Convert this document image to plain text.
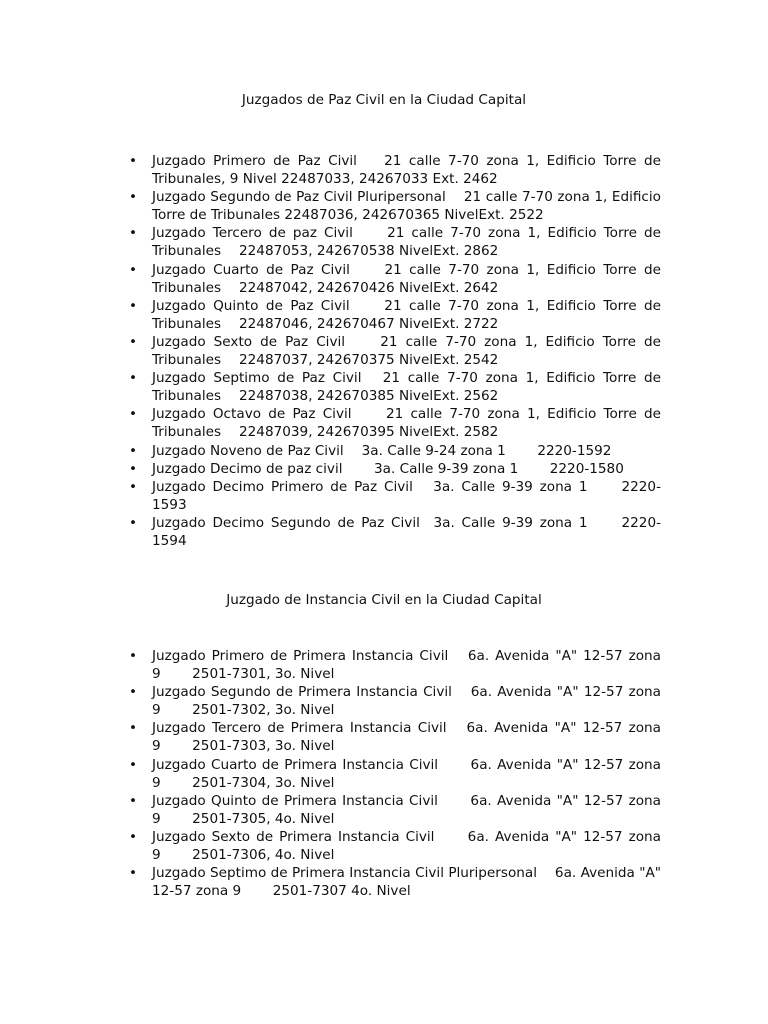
Juzgados de Paz Civil en la Ciudad Capital
• Juzgado Primero de Paz Civil  21 calle 7-70 zona 1, Edificio Torre de Tribunales, 9 Nivel 22487033, 24267033 Ext. 2462
• Juzgado Segundo de Paz Civil Pluripersonal  21 calle 7-70 zona 1, Edificio Torre de Tribunales 22487036, 242670365 NivelExt. 2522
• Juzgado Tercero de paz Civil   21 calle 7-70 zona 1, Edificio Torre de Tribunales  22487053, 242670538 NivelExt. 2862
• Juzgado Cuarto de Paz Civil   21 calle 7-70 zona 1, Edificio Torre de Tribunales  22487042, 242670426 NivelExt. 2642
• Juzgado Quinto de Paz Civil   21 calle 7-70 zona 1, Edificio Torre de Tribunales  22487046, 242670467 NivelExt. 2722
• Juzgado Sexto de Paz Civil   21 calle 7-70 zona 1, Edificio Torre de Tribunales  22487037, 242670375 NivelExt. 2542
• Juzgado Septimo de Paz Civil  21 calle 7-70 zona 1, Edificio Torre de Tribunales  22487038, 242670385 NivelExt. 2562
• Juzgado Octavo de Paz Civil   21 calle 7-70 zona 1, Edificio Torre de Tribunales  22487039, 242670395 NivelExt. 2582
• Juzgado Noveno de Paz Civil  3a. Calle 9-24 zona 1   2220-1592
• Juzgado Decimo de paz civil   3a. Calle 9-39 zona 1   2220-1580
• Juzgado Decimo Primero de Paz Civil  3a. Calle 9-39 zona 1   2220-1593
• Juzgado Decimo Segundo de Paz Civil  3a. Calle 9-39 zona 1   2220-1594
Juzgado de Instancia Civil en la Ciudad Capital
• Juzgado Primero de Primera Instancia Civil  6a. Avenida "A" 12-57 zona 9   2501-7301, 3o. Nivel
• Juzgado Segundo de Primera Instancia Civil  6a. Avenida "A" 12-57 zona 9   2501-7302, 3o. Nivel
• Juzgado Tercero de Primera Instancia Civil  6a. Avenida "A" 12-57 zona 9   2501-7303, 3o. Nivel
• Juzgado Cuarto de Primera Instancia Civil   6a. Avenida "A" 12-57 zona 9   2501-7304, 3o. Nivel
• Juzgado Quinto de Primera Instancia Civil   6a. Avenida "A" 12-57 zona 9   2501-7305, 4o. Nivel
• Juzgado Sexto de Primera Instancia Civil   6a. Avenida "A" 12-57 zona 9   2501-7306, 4o. Nivel
• Juzgado Septimo de Primera Instancia Civil Pluripersonal  6a. Avenida "A" 12-57 zona 9   2501-7307 4o. Nivel
